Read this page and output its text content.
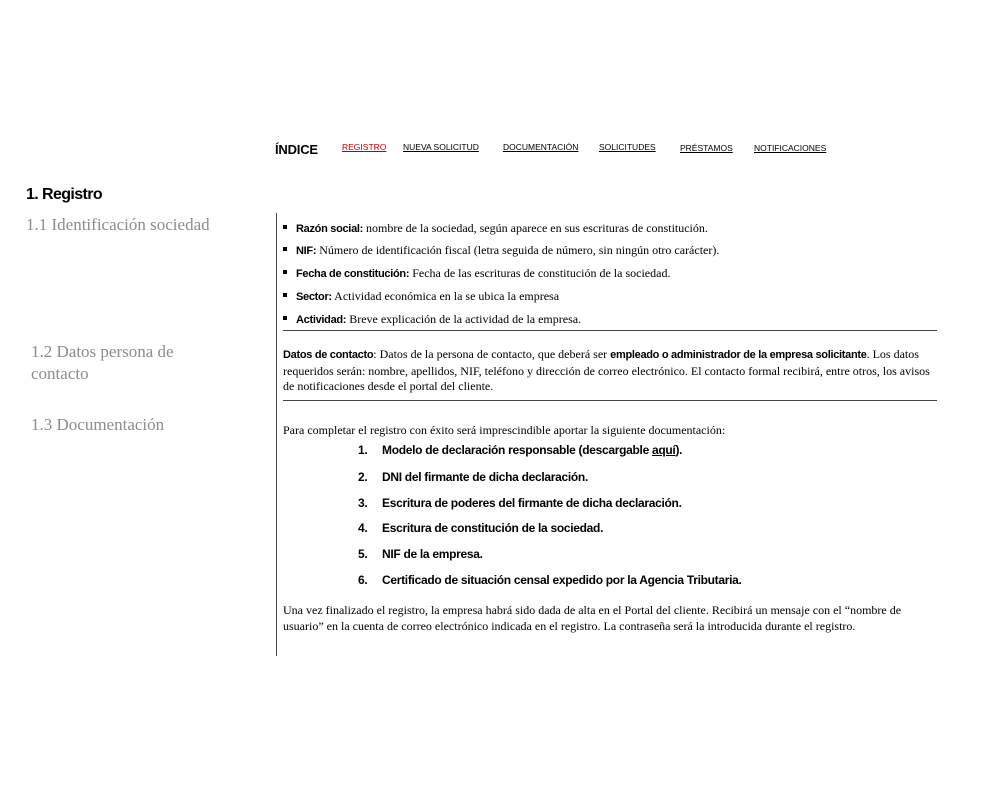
ÍNDICE	REGISTRO NUEVA SOLICITUD	DOCUMENTACIÓN SOLICITUDES	PRÉSTAMOS	NOTIFICACIONES
1. Registro
1.1 Identificación sociedad
1.2 Datos persona de
contacto
1.3 Documentación
Razón social: nombre de la sociedad, según aparece en sus escrituras de constitución.
NIF: Número de identificación fiscal (letra seguida de número, sin ningún otro carácter).
Fecha de constitución: Fecha de las escrituras de constitución de la sociedad.
Sector: Actividad económica en la se ubica la empresa
Actividad: Breve explicación de la actividad de la empresa.
Datos de contacto: Datos de la persona de contacto, que deberá ser empleado o administrador de la empresa solicitante. Los datos requeridos serán: nombre, apellidos, NIF, teléfono y dirección de correo electrónico. El contacto formal recibirá, entre otros, los avisos de notificaciones desde el portal del cliente.
Para completar el registro con éxito será imprescindible aportar la siguiente documentación:
1. Modelo de declaración responsable (descargable aquí).
2. DNI del firmante de dicha declaración.
3. Escritura de poderes del firmante de dicha declaración.
4. Escritura de constitución de la sociedad.
5. NIF de la empresa.
6. Certificado de situación censal expedido por la Agencia Tributaria.
Una vez finalizado el registro, la empresa habrá sido dada de alta en el Portal del cliente. Recibirá un mensaje con el “nombre de usuario” en la cuenta de correo electrónico indicada en el registro. La contraseña será la introducida durante el registro.
